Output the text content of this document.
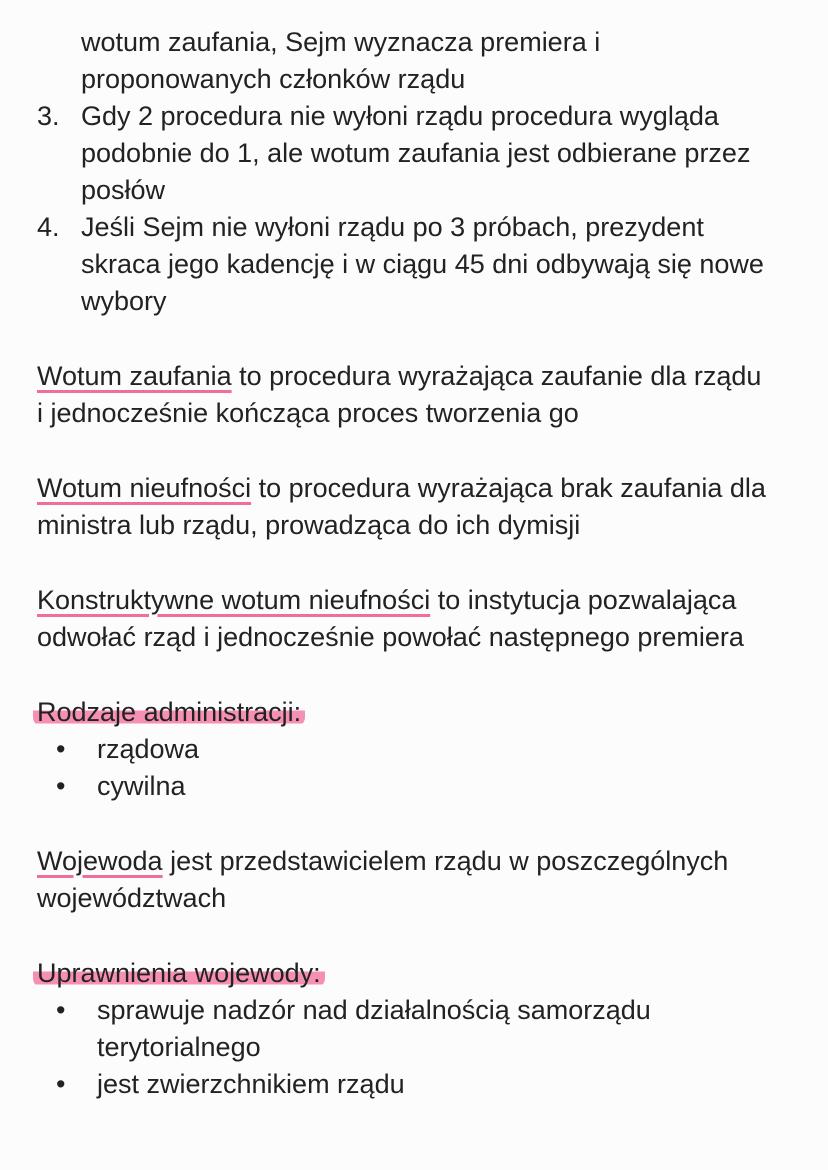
wotum zaufania, Sejm wyznacza premiera i
proponowanych członków rządu
3. Gdy 2 procedura nie wyłoni rządu procedura wygląda
podobnie do 1, ale wotum zaufania jest odbierane przez
posłów
4. Jeśli Sejm nie wyłoni rządu po 3 próbach, prezydent
skraca jego kadencję i w ciągu 45 dni odbywają się nowe
wybory
Wotum zaufania to procedura wyrażająca zaufanie dla rządu
i jednocześnie kończąca proces tworzenia go
Wotum nieufności to procedura wyrażająca brak zaufania dla
ministra lub rządu, prowadząca do ich dymisji
Konstruktywne wotum nieufności to instytucja pozwalająca
odwołać rząd i jednocześnie powołać następnego premiera
Rodzaje administracji:
• rządowa
• cywilna
Wojewoda jest przedstawicielem rządu w poszczególnych
województwach
Uprawnienia wojewody:
• sprawuje nadzór nad działalnością samorządu
terytorialnego
• jest zwierzchnikiem rządu
